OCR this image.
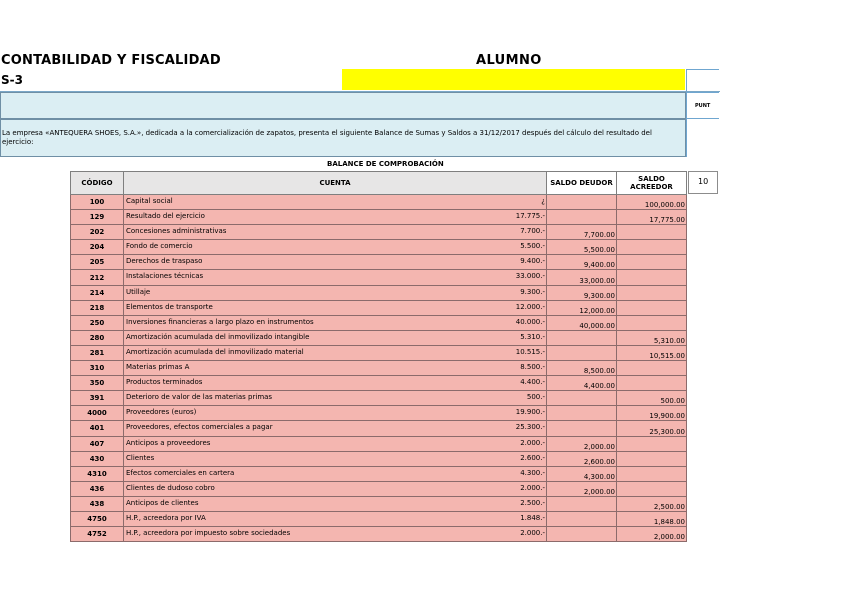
CONTABILIDAD Y FISCALIDAD	ALUMNO
S-3
PUNT
La empresa «ANTEQUERA SHOES, S.A.», dedicada a la comercialización de zapatos, presenta el siguiente Balance de Sumas y Saldos a 31/12/2017 después del cálculo del resultado del ejercicio:
BALANCE DE COMPROBACIÓN
CÓDIGO	CUENTA	SALDO DEUDOR	SALDO ACREEDOR
100	Capital social ¿		100,000.00
129	Resultado del ejercicio 17.775.-		17,775.00
202	Concesiones administrativas 7.700.-	7,700.00	
204	Fondo de comercio 5.500.-	5,500.00	
205	Derechos de traspaso 9.400.-	9,400.00	
212	Instalaciones técnicas 33.000.-	33,000.00	
214	Utillaje 9.300.-	9,300.00	
218	Elementos de transporte 12.000.-	12,000.00	
250	Inversiones financieras a largo plazo en instrumentos 40.000.-	40,000.00	
280	Amortización acumulada del inmovilizado intangible 5.310.-		5,310.00
281	Amortización acumulada del inmovilizado material 10.515.-		10,515.00
310	Materias primas A 8.500.-	8,500.00	
350	Productos terminados 4.400.-	4,400.00	
391	Deterioro de valor de las materias primas 500.-		500.00
4000	Proveedores (euros) 19.900.-		19,900.00
401	Proveedores, efectos comerciales a pagar 25.300.-		25,300.00
407	Anticipos a proveedores 2.000.-	2,000.00	
430	Clientes 2.600.-	2,600.00	
4310	Efectos comerciales en cartera 4.300.-	4,300.00	
436	Clientes de dudoso cobro 2.000.-	2,000.00	
438	Anticipos de clientes 2.500.-		2,500.00
4750	H.P., acreedora por IVA 1.848.-		1,848.00
4752	H.P., acreedora por impuesto sobre sociedades 2.000.-		2,000.00
10
